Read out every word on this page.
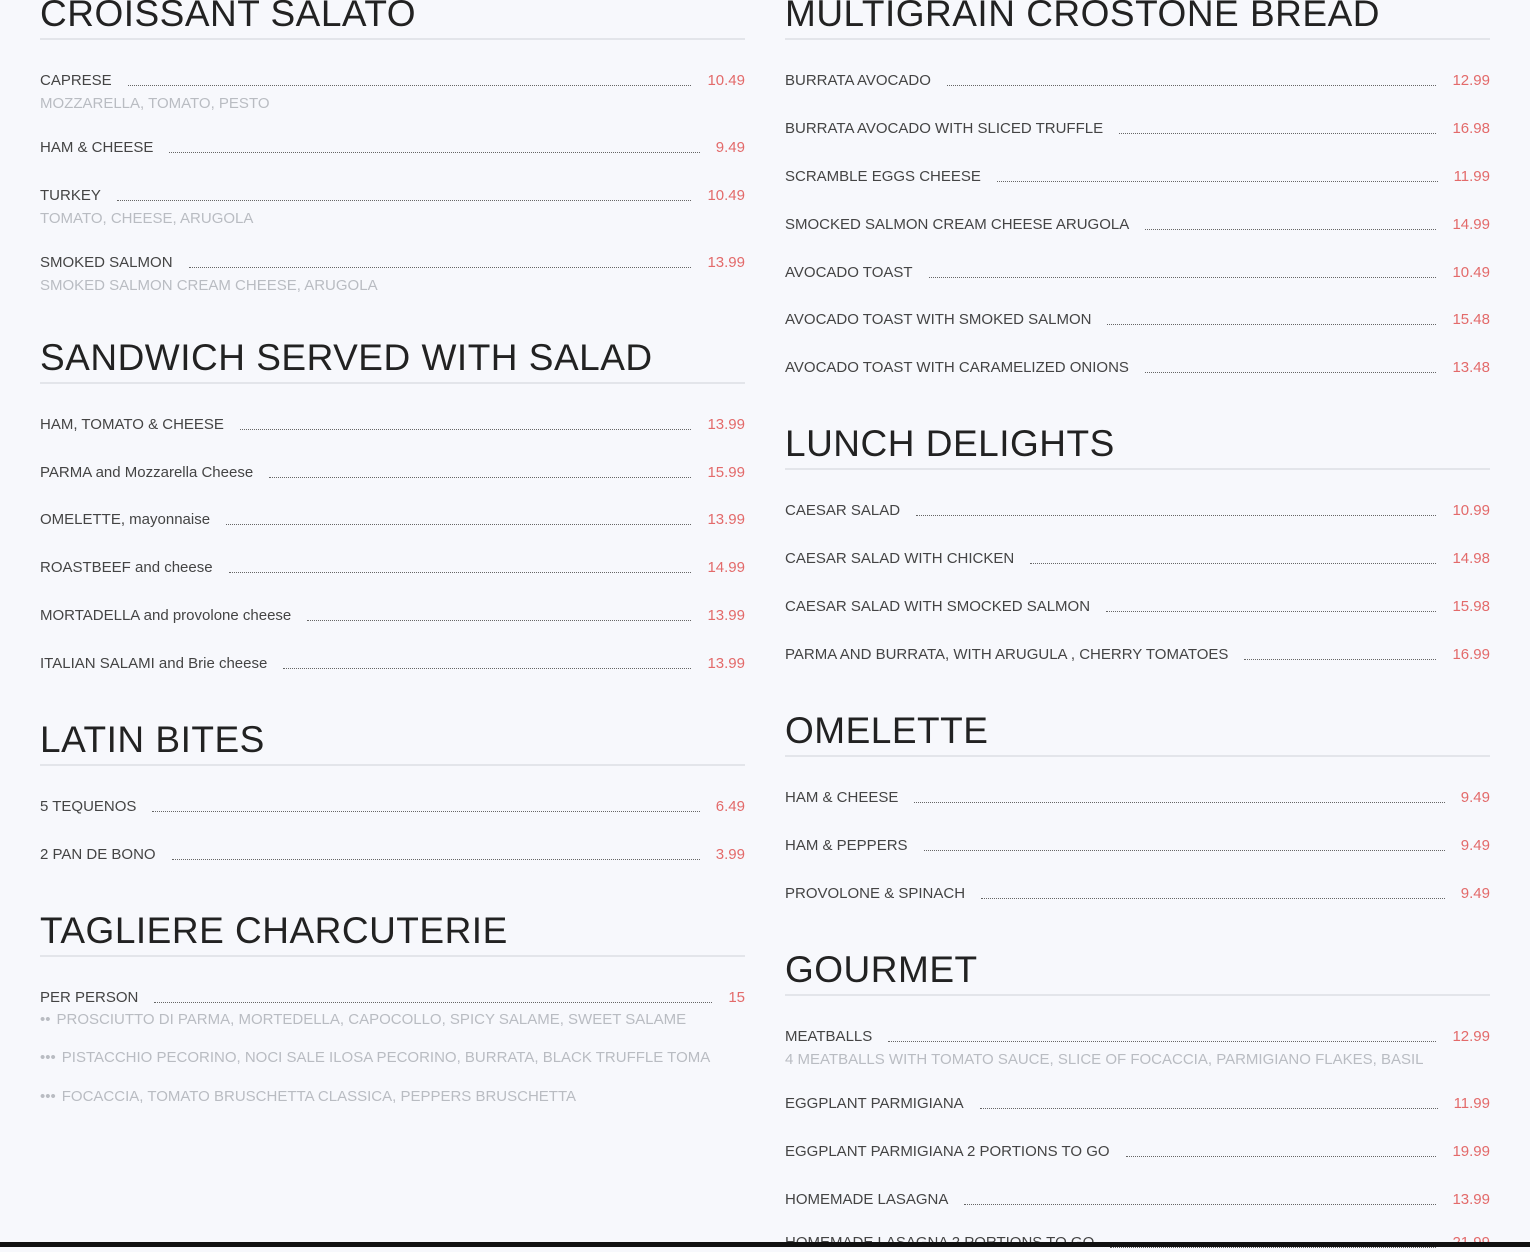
CROISSANT SALATO
CAPRESE	10.49
MOZZARELLA, TOMATO, PESTO
HAM & CHEESE	9.49
TURKEY	10.49
TOMATO, CHEESE, ARUGOLA
SMOKED SALMON	13.99
SMOKED SALMON CREAM CHEESE, ARUGOLA
SANDWICH SERVED WITH SALAD
HAM, TOMATO & CHEESE	13.99
PARMA and Mozzarella Cheese	15.99
OMELETTE, mayonnaise	13.99
ROASTBEEF and cheese	14.99
MORTADELLA and provolone cheese	13.99
ITALIAN SALAMI and Brie cheese	13.99
LATIN BITES
5 TEQUENOS	6.49
2 PAN DE BONO	3.99
TAGLIERE CHARCUTERIE
PER PERSON	15
•• PROSCIUTTO DI PARMA, MORTEDELLA, CAPOCOLLO, SPICY SALAME, SWEET SALAME
••• PISTACCHIO PECORINO, NOCI SALE ILOSA PECORINO, BURRATA, BLACK TRUFFLE TOMA
••• FOCACCIA, TOMATO BRUSCHETTA CLASSICA, PEPPERS BRUSCHETTA
MULTIGRAIN CROSTONE BREAD
BURRATA AVOCADO	12.99
BURRATA AVOCADO WITH SLICED TRUFFLE	16.98
SCRAMBLE EGGS CHEESE	11.99
SMOCKED SALMON CREAM CHEESE ARUGOLA	14.99
AVOCADO TOAST	10.49
AVOCADO TOAST WITH SMOKED SALMON	15.48
AVOCADO TOAST WITH CARAMELIZED ONIONS	13.48
LUNCH DELIGHTS
CAESAR SALAD	10.99
CAESAR SALAD WITH CHICKEN	14.98
CAESAR SALAD WITH SMOCKED SALMON	15.98
PARMA AND BURRATA, WITH ARUGULA , CHERRY TOMATOES	16.99
OMELETTE
HAM & CHEESE	9.49
HAM & PEPPERS	9.49
PROVOLONE & SPINACH	9.49
GOURMET
MEATBALLS	12.99
4 MEATBALLS WITH TOMATO SAUCE, SLICE OF FOCACCIA, PARMIGIANO FLAKES, BASIL
EGGPLANT PARMIGIANA	11.99
EGGPLANT PARMIGIANA 2 PORTIONS TO GO	19.99
HOMEMADE LASAGNA	13.99
